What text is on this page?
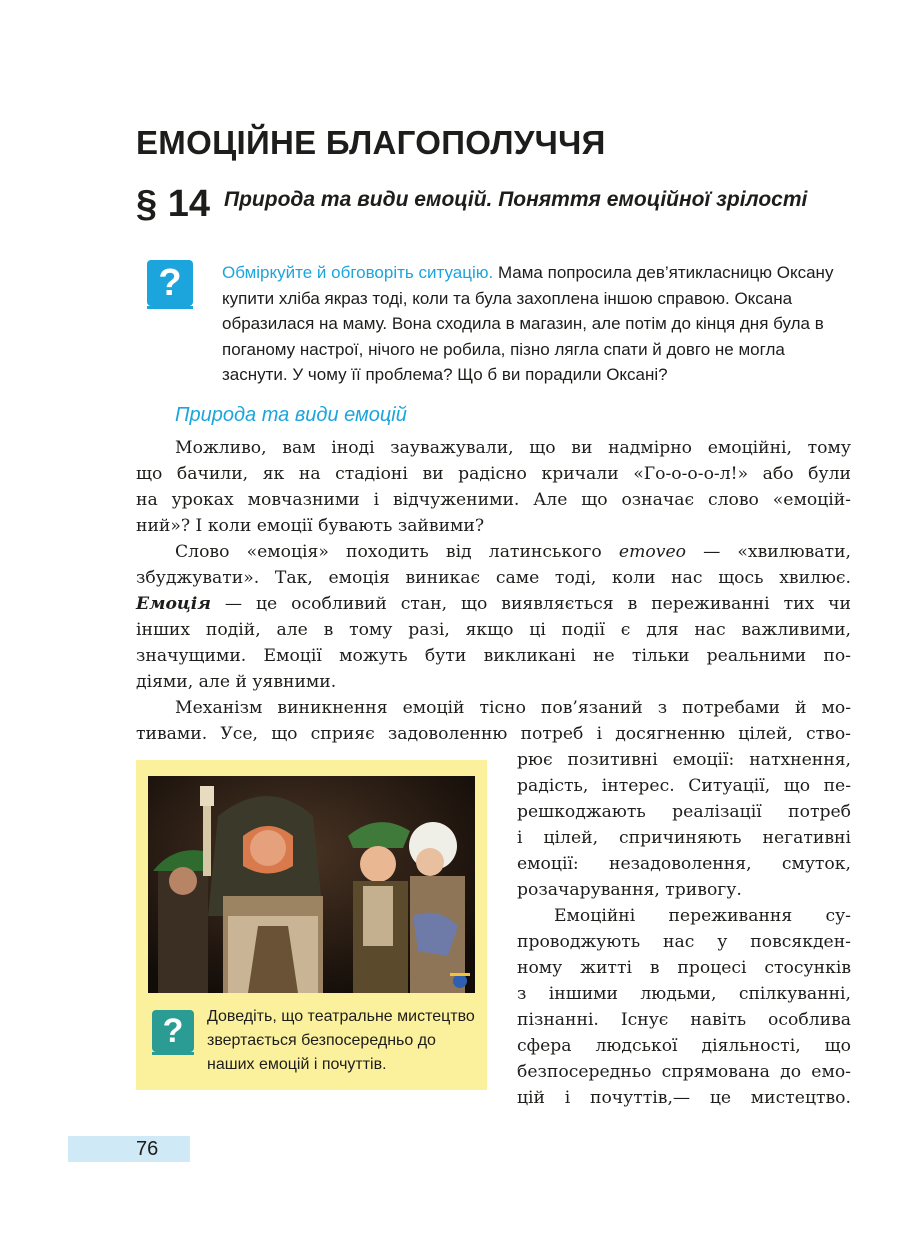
ЕМОЦІЙНЕ БЛАГОПОЛУЧЧЯ
§ 14 Природа та види емоцій. Поняття емоційної зрілості
?	Обміркуйте й обговоріть ситуацію. Мама попросила дев’ятикласницю Оксану купити хліба якраз тоді, коли та була захоплена іншою справою. Оксана образилася на маму. Вона сходила в магазин, але потім до кінця дня була в поганому настрої, нічого не робила, пізно лягла спати й довго не могла заснути. У чому її проблема? Що б ви порадили Оксані?
Природа та види емоцій
Можливо, вам іноді зауважували, що ви надмірно емоційні, тому
що бачили, як на стадіоні ви радісно кричали «Го-о-о-о-л!» або були
на уроках мовчазними і відчуженими. Але що означає слово «емоцій-
ний»? І коли емоції бувають зайвими?
Слово «емоція» походить від латинського emoveo — «хвилювати,
збуджувати». Так, емоція виникає саме тоді, коли нас щось хвилює.
Емоція — це особливий стан, що виявляється в переживанні тих чи
інших подій, але в тому разі, якщо ці події є для нас важливими,
значущими. Емоції можуть бути викликані не тільки реальними по-
діями, але й уявними.
Механізм виникнення емоцій тісно пов’язаний з потребами й мо-
тивами. Усе, що сприяє задоволенню потреб і досягненню цілей, ство-
рює позитивні емоції: натхнення,
радість, інтерес. Ситуації, що пе-
решкоджають реалізації потреб
і цілей, спричиняють негативні
емоції: незадоволення, смуток,
розачарування, тривогу.
Емоційні переживання су-
проводжують нас у повсякден-
ному житті в процесі стосунків
з іншими людьми, спілкуванні,
пізнанні. Існує навіть особлива
сфера людської діяльності, що
безпосередньо спрямована до емо-
цій і почуттів,— це мистецтво.
?	Доведіть, що театральне мистецтво звертається безпосередньо до наших емоцій і почуттів.
76
